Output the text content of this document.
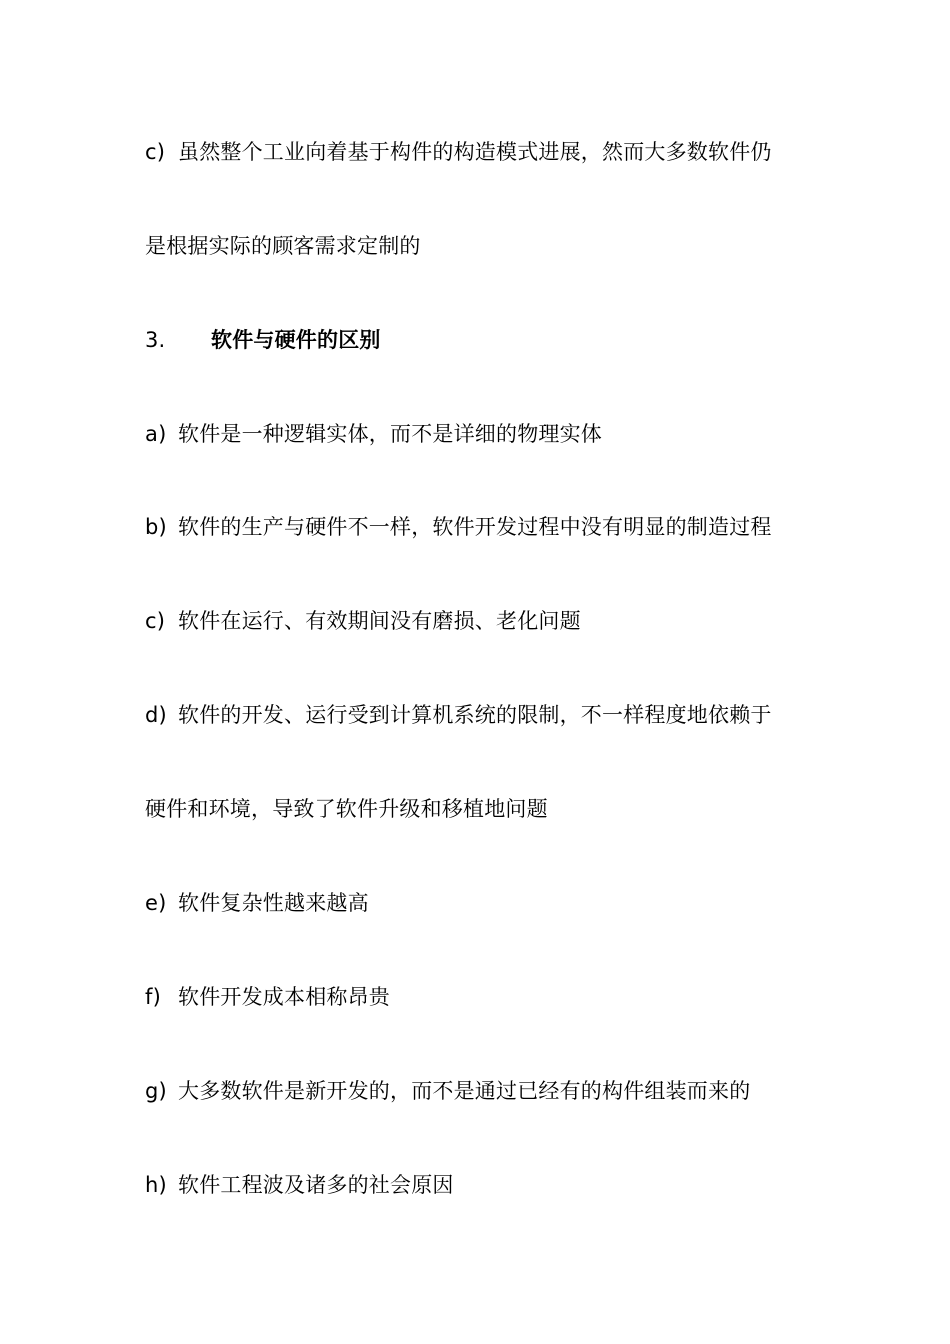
c) 虽然整个工业向着基于构件的构造模式进展，然而大多数软件仍
是根据实际的顾客需求定制的
3. 软件与硬件的区别
a) 软件是一种逻辑实体，而不是详细的物理实体
b) 软件的生产与硬件不一样，软件开发过程中没有明显的制造过程
c) 软件在运行、有效期间没有磨损、老化问题
d) 软件的开发、运行受到计算机系统的限制，不一样程度地依赖于
硬件和环境，导致了软件升级和移植地问题
e) 软件复杂性越来越高
f) 软件开发成本相称昂贵
g) 大多数软件是新开发的，而不是通过已经有的构件组装而来的
h) 软件工程波及诸多的社会原因
